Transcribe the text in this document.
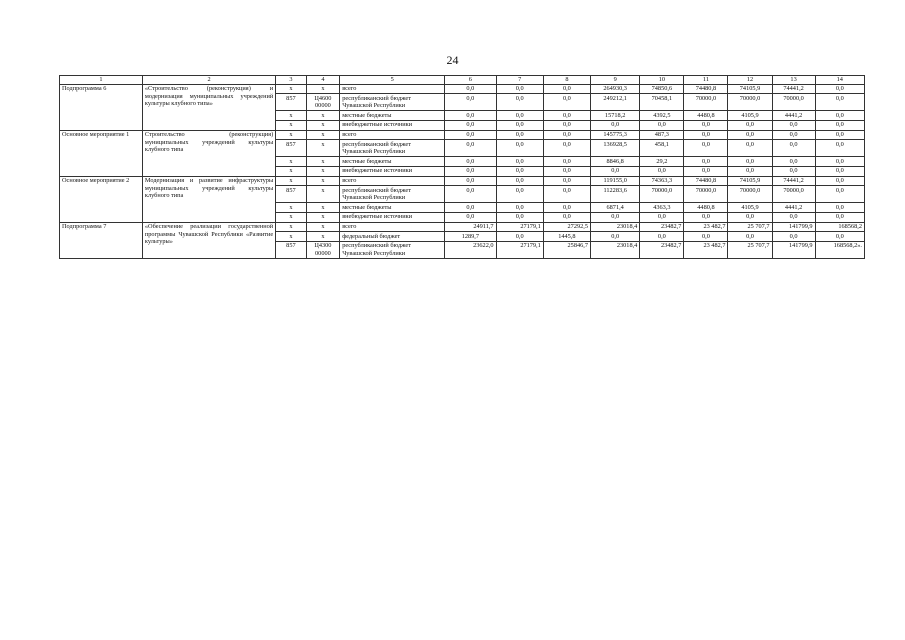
24
1	2	3	4	5	6	7	8	9	10	11	12	13	14
Подпрограмма 6	«Строительство (реконструкция) и модернизация муниципальных учреждений культуры клубного типа»	x	x	всего	0,0	0,0	0,0	264930,3	74850,6	74480,8	74105,9	74441,2	0,0
		857	Ц4600 00000	республиканский бюджет Чувашской Республики	0,0	0,0	0,0	249212,1	70458,1	70000,0	70000,0	70000,0	0,0
		x	x	местные бюджеты	0,0	0,0	0,0	15718,2	4392,5	4480,8	4105,9	4441,2	0,0
		x	x	внебюджетные источники	0,0	0,0	0,0	0,0	0,0	0,0	0,0	0,0	0,0
Основное мероприятие 1	Строительство (реконструкция) муниципальных учреждений культуры клубного типа	x	x	всего	0,0	0,0	0,0	145775,3	487,3	0,0	0,0	0,0	0,0
		857	x	республиканский бюджет Чувашской Республики	0,0	0,0	0,0	136928,5	458,1	0,0	0,0	0,0	0,0
		x	x	местные бюджеты	0,0	0,0	0,0	8846,8	29,2	0,0	0,0	0,0	0,0
		x	x	внебюджетные источники	0,0	0,0	0,0	0,0	0,0	0,0	0,0	0,0	0,0
Основное мероприятие 2	Модернизация и развитие инфраструктуры муниципальных учреждений культуры клубного типа	x	x	всего	0,0	0,0	0,0	119155,0	74363,3	74480,8	74105,9	74441,2	0,0
		857	x	республиканский бюджет Чувашской Республики	0,0	0,0	0,0	112283,6	70000,0	70000,0	70000,0	70000,0	0,0
		x	x	местные бюджеты	0,0	0,0	0,0	6871,4	4363,3	4480,8	4105,9	4441,2	0,0
		x	x	внебюджетные источники	0,0	0,0	0,0	0,0	0,0	0,0	0,0	0,0	0,0
Подпрограмма 7	«Обеспечение реализации государственной программы Чувашской Республики «Развитие культуры»	x	x	всего	24911,7	27179,1	27292,5	23018,4	23482,7	23 482,7	25 707,7	141799,9	168568,2
		x	x	федеральный бюджет	1289,7	0,0	1445,8	0,0	0,0	0,0	0,0	0,0	0,0
		857	Ц4300 00000	республиканский бюджет Чувашской Республики	23622,0	27179,1	25846,7	23018,4	23482,7	23 482,7	25 707,7	141799,9	168568,2».
